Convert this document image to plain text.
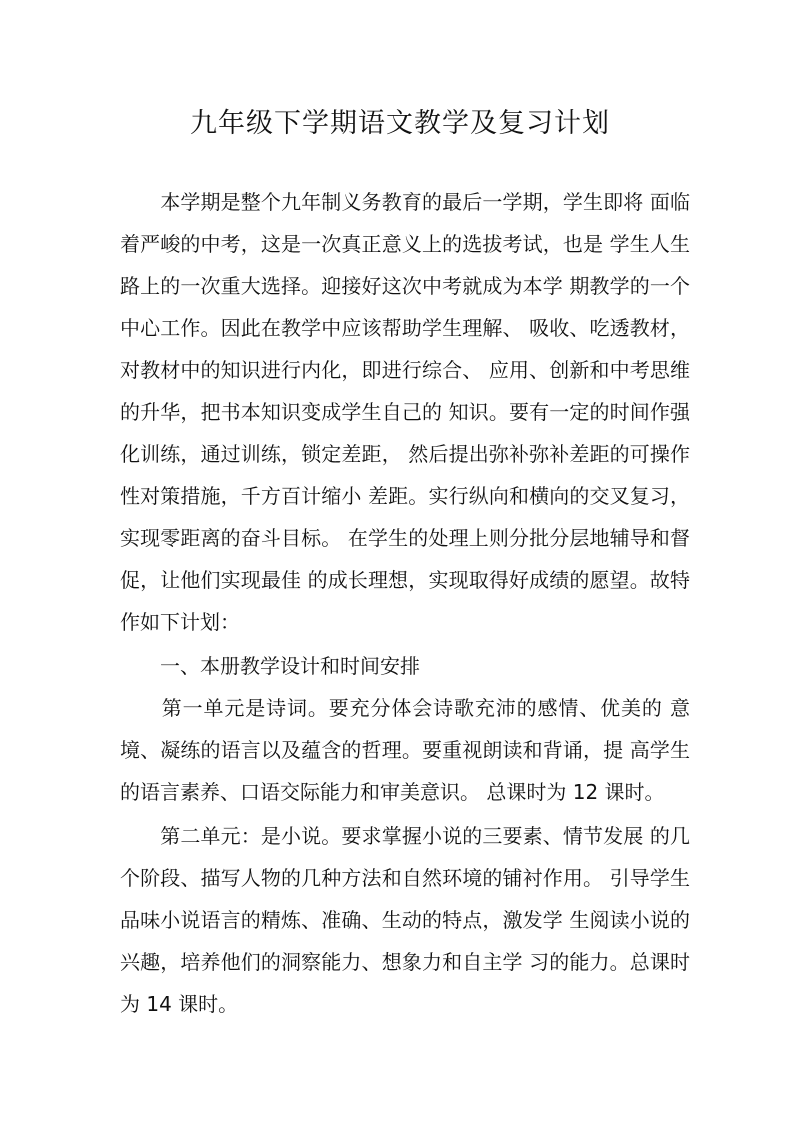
九年级下学期语文教学及复习计划
　　本学期是整个九年制义务教育的最后一学期，学生即将 面临
着严峻的中考，这是一次真正意义上的选拔考试，也是 学生人生
路上的一次重大选择。迎接好这次中考就成为本学 期教学的一个
中心工作。因此在教学中应该帮助学生理解、 吸收、吃透教材，
对教材中的知识进行内化，即进行综合、 应用、创新和中考思维
的升华，把书本知识变成学生自己的 知识。要有一定的时间作强
化训练，通过训练，锁定差距， 然后提出弥补弥补差距的可操作
性对策措施，千方百计缩小 差距。实行纵向和横向的交叉复习，
实现零距离的奋斗目标。 在学生的处理上则分批分层地辅导和督
促，让他们实现最佳 的成长理想，实现取得好成绩的愿望。故特
作如下计划：
　　一、本册教学设计和时间安排
　　第一单元是诗词。要充分体会诗歌充沛的感情、优美的 意
境、凝练的语言以及蕴含的哲理。要重视朗读和背诵，提 高学生
的语言素养、口语交际能力和审美意识。 总课时为 12 课时。
　　第二单元：是小说。要求掌握小说的三要素、情节发展 的几
个阶段、描写人物的几种方法和自然环境的铺衬作用。 引导学生
品味小说语言的精炼、准确、生动的特点，激发学 生阅读小说的
兴趣，培养他们的洞察能力、想象力和自主学 习的能力。总课时
为 14 课时。
